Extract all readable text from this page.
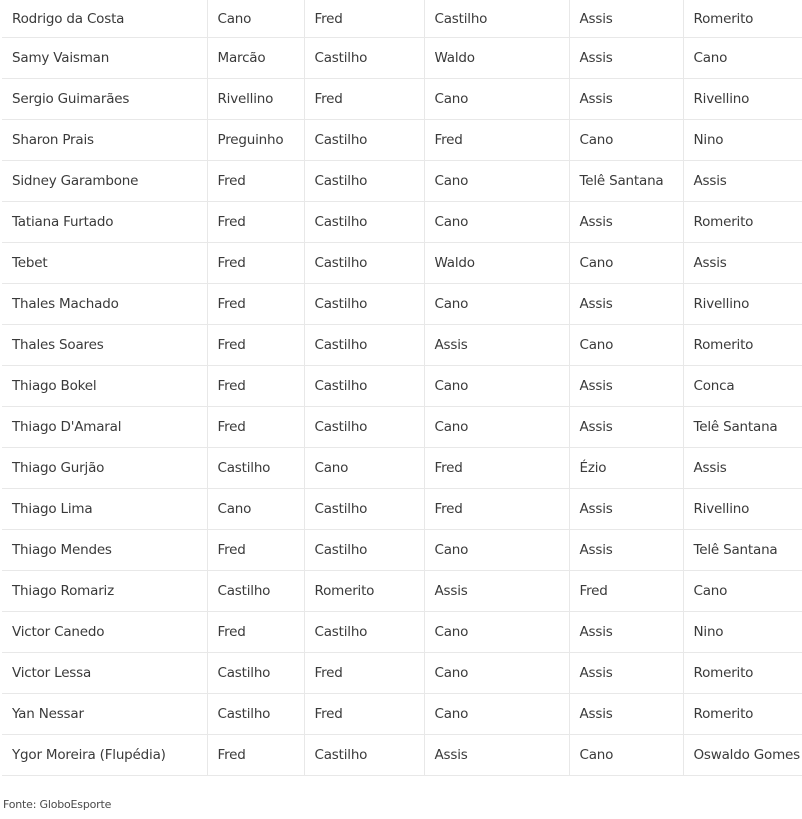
Rodrigo da Costa	Cano	Fred	Castilho	Assis	Romerito
Samy Vaisman	Marcão	Castilho	Waldo	Assis	Cano
Sergio Guimarães	Rivellino	Fred	Cano	Assis	Rivellino
Sharon Prais	Preguinho	Castilho	Fred	Cano	Nino
Sidney Garambone	Fred	Castilho	Cano	Telê Santana	Assis
Tatiana Furtado	Fred	Castilho	Cano	Assis	Romerito
Tebet	Fred	Castilho	Waldo	Cano	Assis
Thales Machado	Fred	Castilho	Cano	Assis	Rivellino
Thales Soares	Fred	Castilho	Assis	Cano	Romerito
Thiago Bokel	Fred	Castilho	Cano	Assis	Conca
Thiago D'Amaral	Fred	Castilho	Cano	Assis	Telê Santana
Thiago Gurjão	Castilho	Cano	Fred	Ézio	Assis
Thiago Lima	Cano	Castilho	Fred	Assis	Rivellino
Thiago Mendes	Fred	Castilho	Cano	Assis	Telê Santana
Thiago Romariz	Castilho	Romerito	Assis	Fred	Cano
Victor Canedo	Fred	Castilho	Cano	Assis	Nino
Victor Lessa	Castilho	Fred	Cano	Assis	Romerito
Yan Nessar	Castilho	Fred	Cano	Assis	Romerito
Ygor Moreira (Flupédia)	Fred	Castilho	Assis	Cano	Oswaldo Gomes
Fonte: GloboEsporte
